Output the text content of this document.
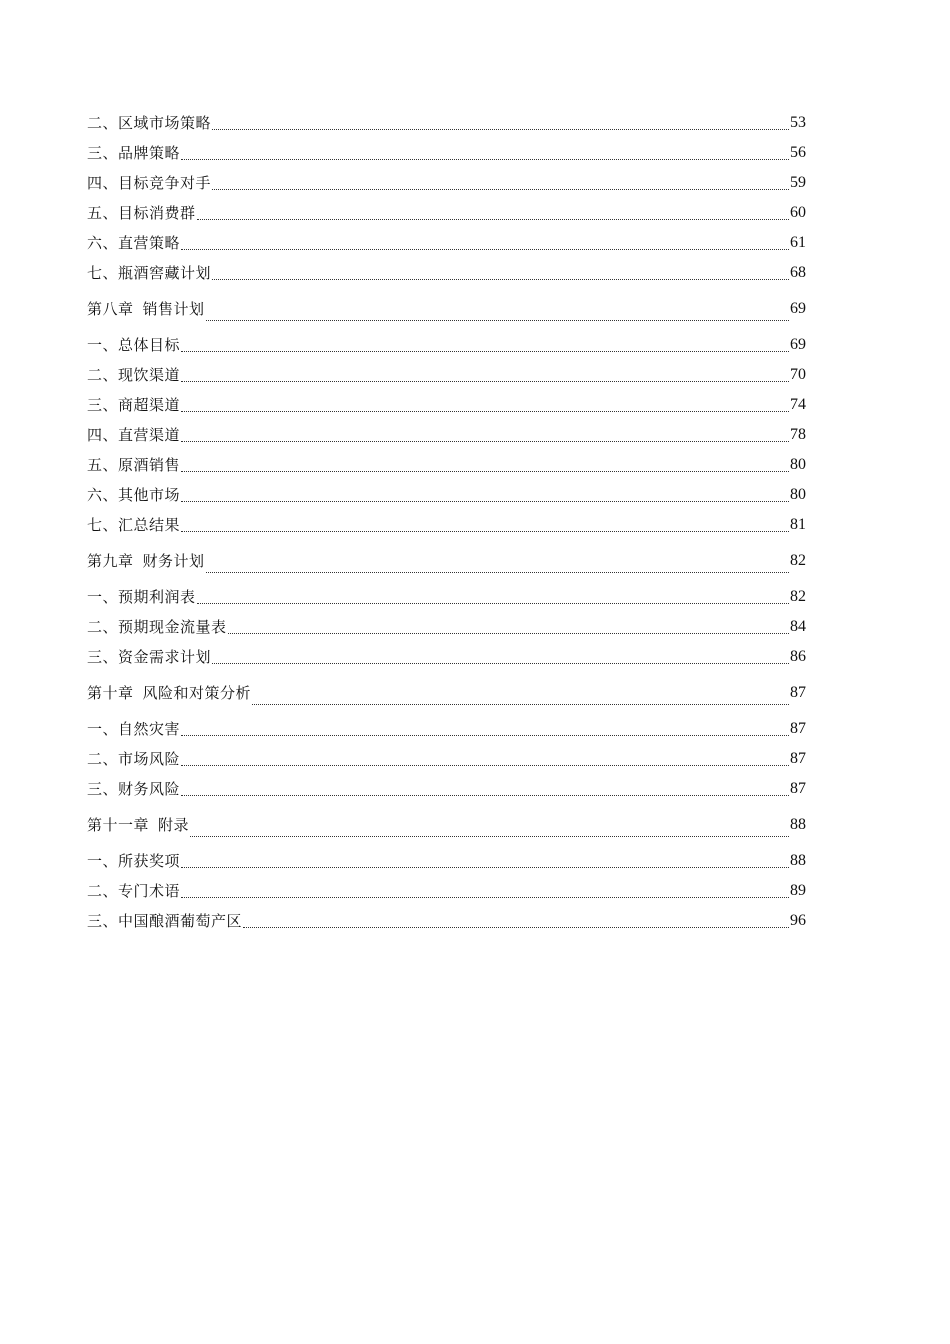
二、区域市场策略	53
三、品牌策略	56
四、目标竞争对手	59
五、目标消费群	60
六、直营策略	61
七、瓶酒窖藏计划	68
第八章 销售计划	69
一、总体目标	69
二、现饮渠道	70
三、商超渠道	74
四、直营渠道	78
五、原酒销售	80
六、其他市场	80
七、汇总结果	81
第九章 财务计划	82
一、预期利润表	82
二、预期现金流量表	84
三、资金需求计划	86
第十章 风险和对策分析	87
一、自然灾害	87
二、市场风险	87
三、财务风险	87
第十一章 附录	88
一、所获奖项	88
二、专门术语	89
三、中国酿酒葡萄产区	96
